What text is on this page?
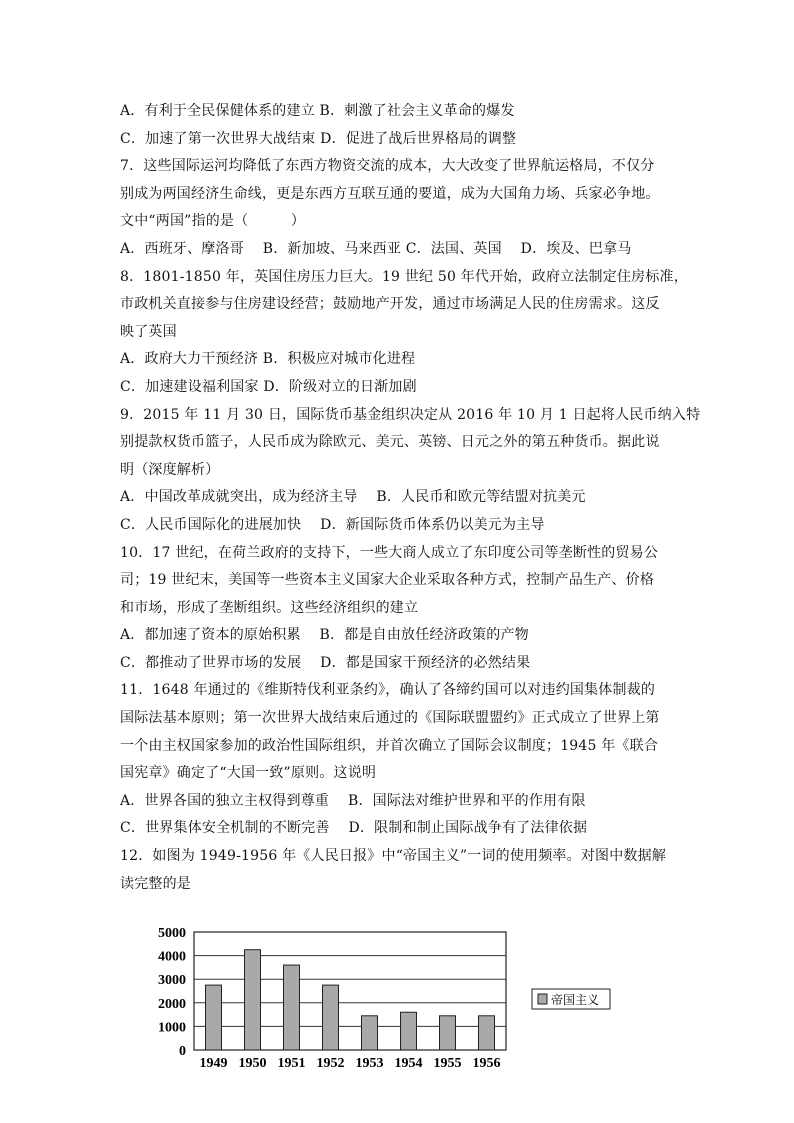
A．有利于全民保健体系的建立 B．刺激了社会主义革命的爆发
C．加速了第一次世界大战结束 D．促进了战后世界格局的调整
7．这些国际运河均降低了东西方物资交流的成本，大大改变了世界航运格局，不仅分
别成为两国经济生命线，更是东西方互联互通的要道，成为大国角力场、兵家必争地。
文中“两国”指的是（　　　）
A．西班牙、摩洛哥　 B．新加坡、马来西亚 C．法国、英国　 D．埃及、巴拿马
8．1801-1850 年，英国住房压力巨大。19 世纪 50 年代开始，政府立法制定住房标准，
市政机关直接参与住房建设经营；鼓励地产开发，通过市场满足人民的住房需求。这反
映了英国
A．政府大力干预经济 B．积极应对城市化进程
C．加速建设福利国家 D．阶级对立的日渐加剧
9．2015 年 11 月 30 日，国际货币基金组织决定从 2016 年 10 月 1 日起将人民币纳入特
别提款权货币篮子，人民币成为除欧元、美元、英镑、日元之外的第五种货币。据此说
明（深度解析）
A．中国改革成就突出，成为经济主导　 B．人民币和欧元等结盟对抗美元
C．人民币国际化的进展加快　 D．新国际货币体系仍以美元为主导
10．17 世纪，在荷兰政府的支持下，一些大商人成立了东印度公司等垄断性的贸易公
司；19 世纪末，美国等一些资本主义国家大企业采取各种方式，控制产品生产、价格
和市场，形成了垄断组织。这些经济组织的建立
A．都加速了资本的原始积累　 B．都是自由放任经济政策的产物
C．都推动了世界市场的发展　 D．都是国家干预经济的必然结果
11．1648 年通过的《维斯特伐利亚条约》，确认了各缔约国可以对违约国集体制裁的
国际法基本原则；第一次世界大战结束后通过的《国际联盟盟约》正式成立了世界上第
一个由主权国家参加的政治性国际组织，并首次确立了国际会议制度；1945 年《联合
国宪章》确定了“大国一致”原则。这说明
A．世界各国的独立主权得到尊重　 B．国际法对维护世界和平的作用有限
C．世界集体安全机制的不断完善　 D．限制和制止国际战争有了法律依据
12．如图为 1949-1956 年《人民日报》中“帝国主义”一词的使用频率。对图中数据解
读完整的是
5000
4000
3000
2000
1000
0
1949 1950 1951 1952 1953 1954 1955 1956
帝国主义
